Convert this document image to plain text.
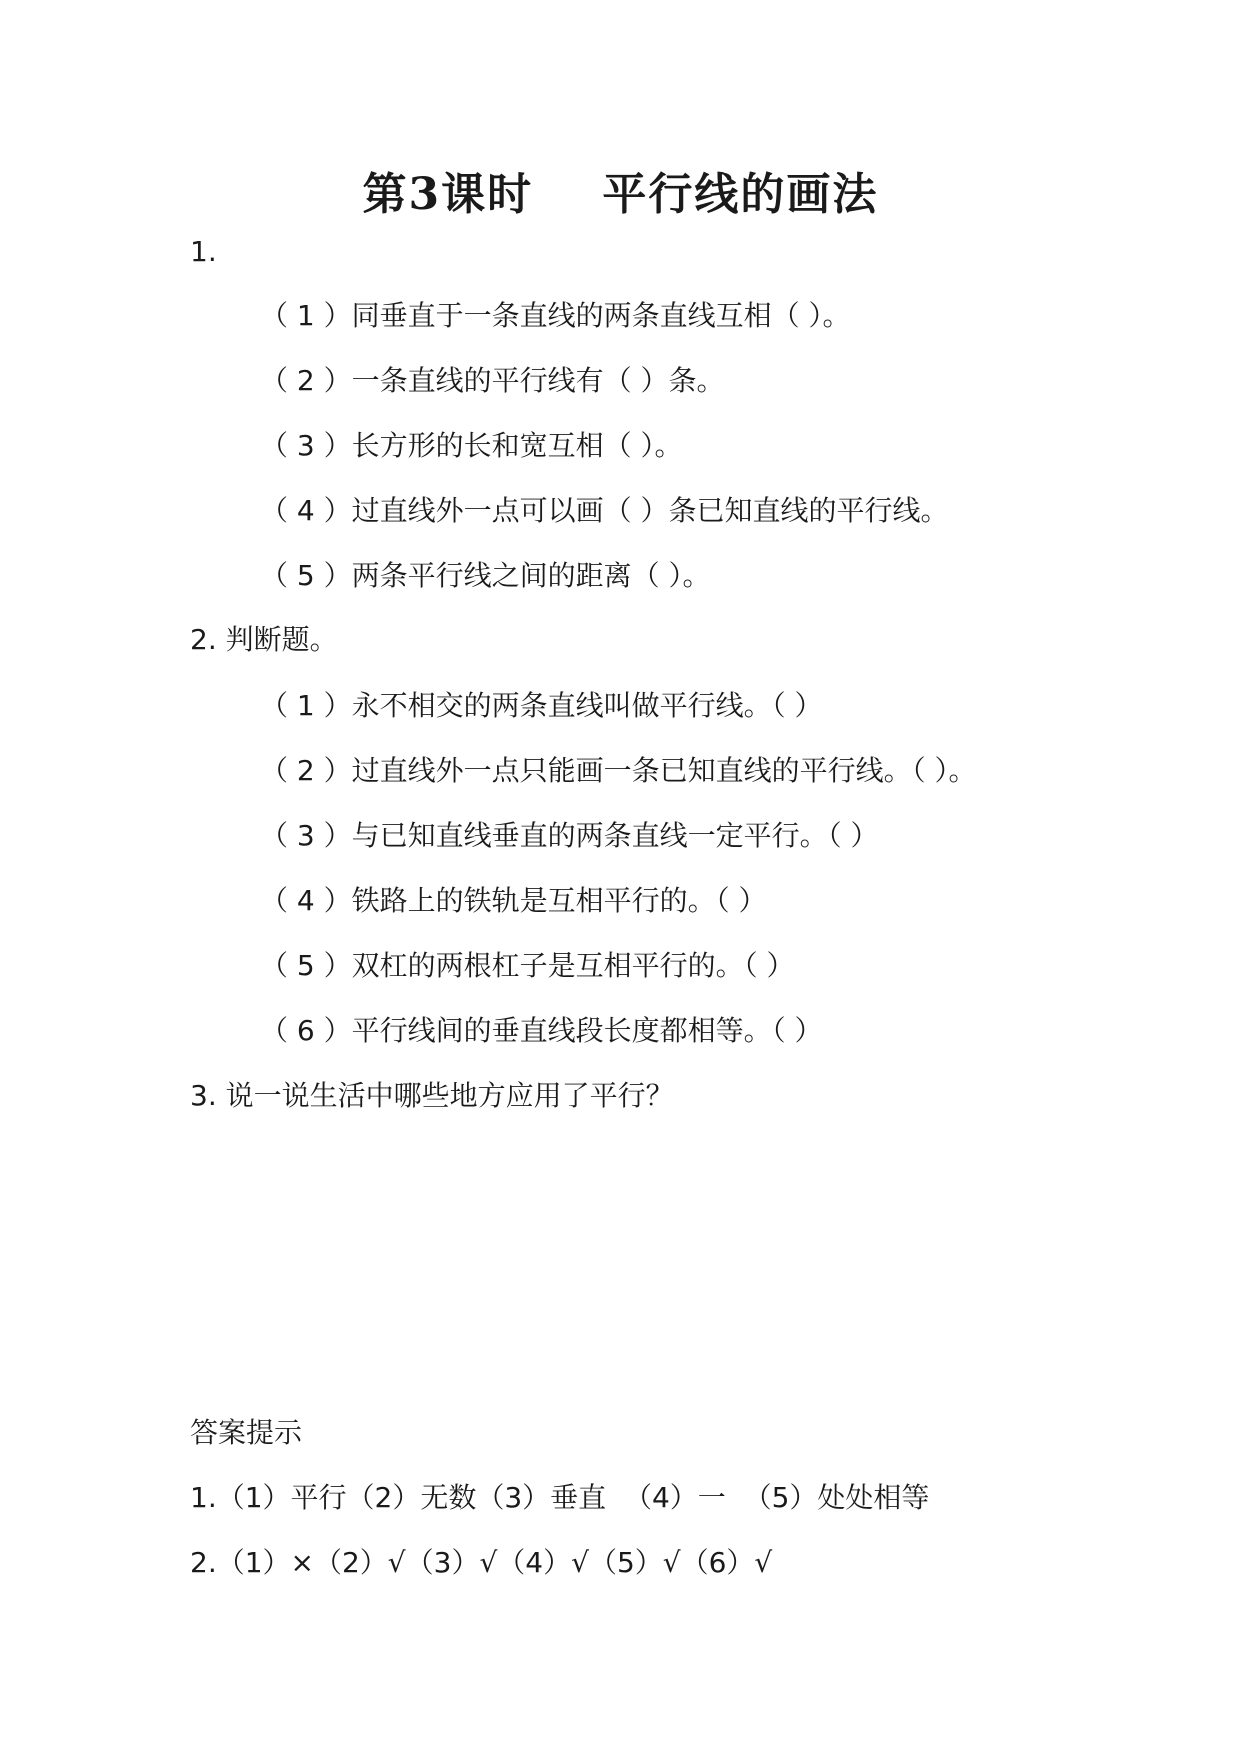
第3课时    平行线的画法
1.
（ 1 ）同垂直于一条直线的两条直线互相（ ）。
（ 2 ）一条直线的平行线有（ ）条。
（ 3 ）长方形的长和宽互相（ ）。
（ 4 ）过直线外一点可以画（ ）条已知直线的平行线。
（ 5 ）两条平行线之间的距离（ ）。
2. 判断题。
（ 1 ）永不相交的两条直线叫做平行线。（ ）
（ 2 ）过直线外一点只能画一条已知直线的平行线。（ ）。
（ 3 ）与已知直线垂直的两条直线一定平行。（ ）
（ 4 ）铁路上的铁轨是互相平行的。（ ）
（ 5 ）双杠的两根杠子是互相平行的。（ ）
（ 6 ）平行线间的垂直线段长度都相等。（ ）
3. 说一说生活中哪些地方应用了平行？
答案提示
1.（1）平行（2）无数（3）垂直  （4）一  （5）处处相等
2.（1）×（2）√（3）√（4）√（5）√（6）√
